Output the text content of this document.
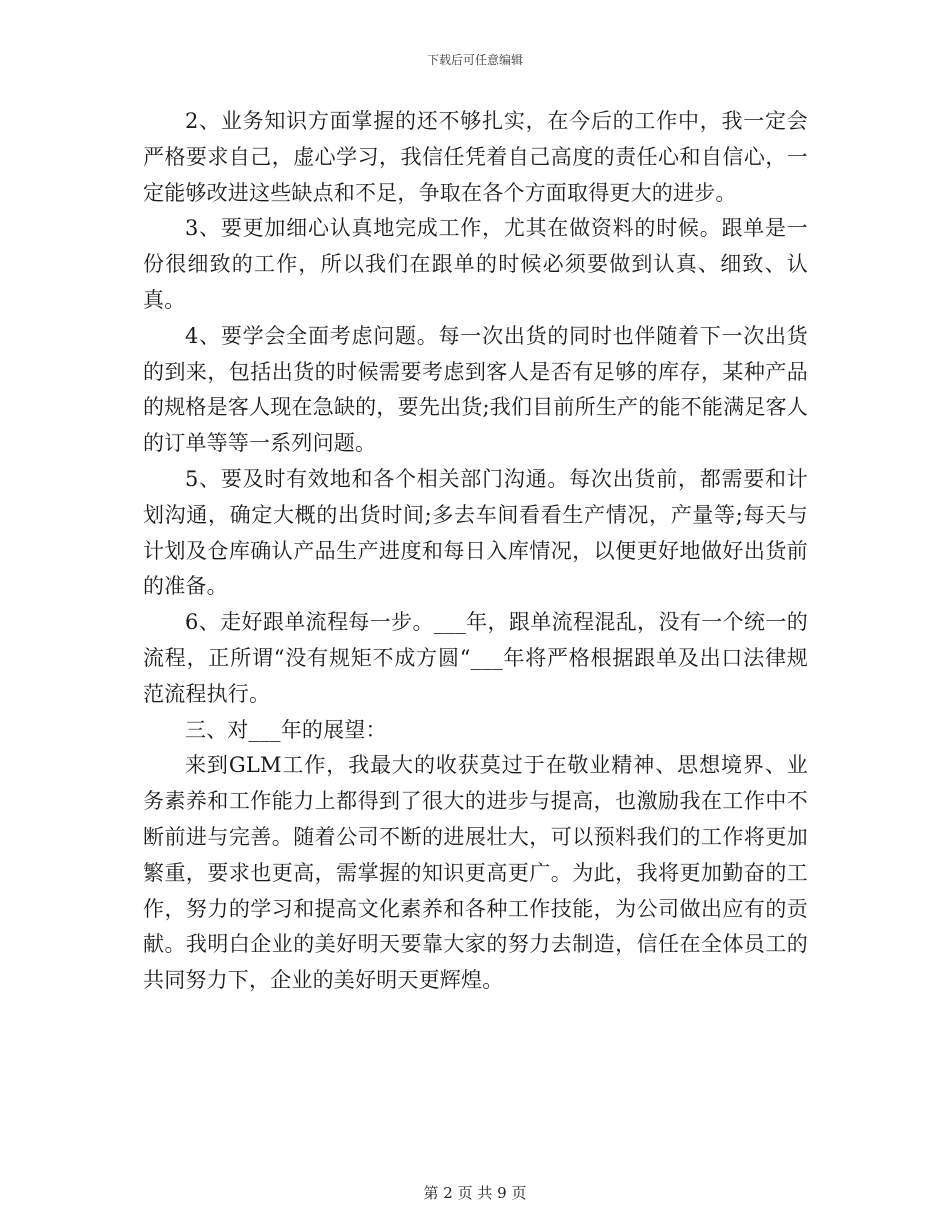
下载后可任意编辑

2、业务知识方面掌握的还不够扎实，在今后的工作中，我一定会严格要求自己，虚心学习，我信任凭着自己高度的责任心和自信心，一定能够改进这些缺点和不足，争取在各个方面取得更大的进步。

3、要更加细心认真地完成工作，尤其在做资料的时候。跟单是一份很细致的工作，所以我们在跟单的时候必须要做到认真、细致、认真。

4、要学会全面考虑问题。每一次出货的同时也伴随着下一次出货的到来，包括出货的时候需要考虑到客人是否有足够的库存，某种产品的规格是客人现在急缺的，要先出货;我们目前所生产的能不能满足客人的订单等等一系列问题。

5、要及时有效地和各个相关部门沟通。每次出货前，都需要和计划沟通，确定大概的出货时间;多去车间看看生产情况，产量等;每天与计划及仓库确认产品生产进度和每日入库情况，以便更好地做好出货前的准备。

6、走好跟单流程每一步。___年，跟单流程混乱，没有一个统一的流程，正所谓“没有规矩不成方圆“___年将严格根据跟单及出口法律规范流程执行。

三、对___年的展望：

来到GLM工作，我最大的收获莫过于在敬业精神、思想境界、业务素养和工作能力上都得到了很大的进步与提高，也激励我在工作中不断前进与完善。随着公司不断的进展壮大，可以预料我们的工作将更加繁重，要求也更高，需掌握的知识更高更广。为此，我将更加勤奋的工作，努力的学习和提高文化素养和各种工作技能，为公司做出应有的贡献。我明白企业的美好明天要靠大家的努力去制造，信任在全体员工的共同努力下，企业的美好明天更辉煌。

第 2 页 共 9 页
